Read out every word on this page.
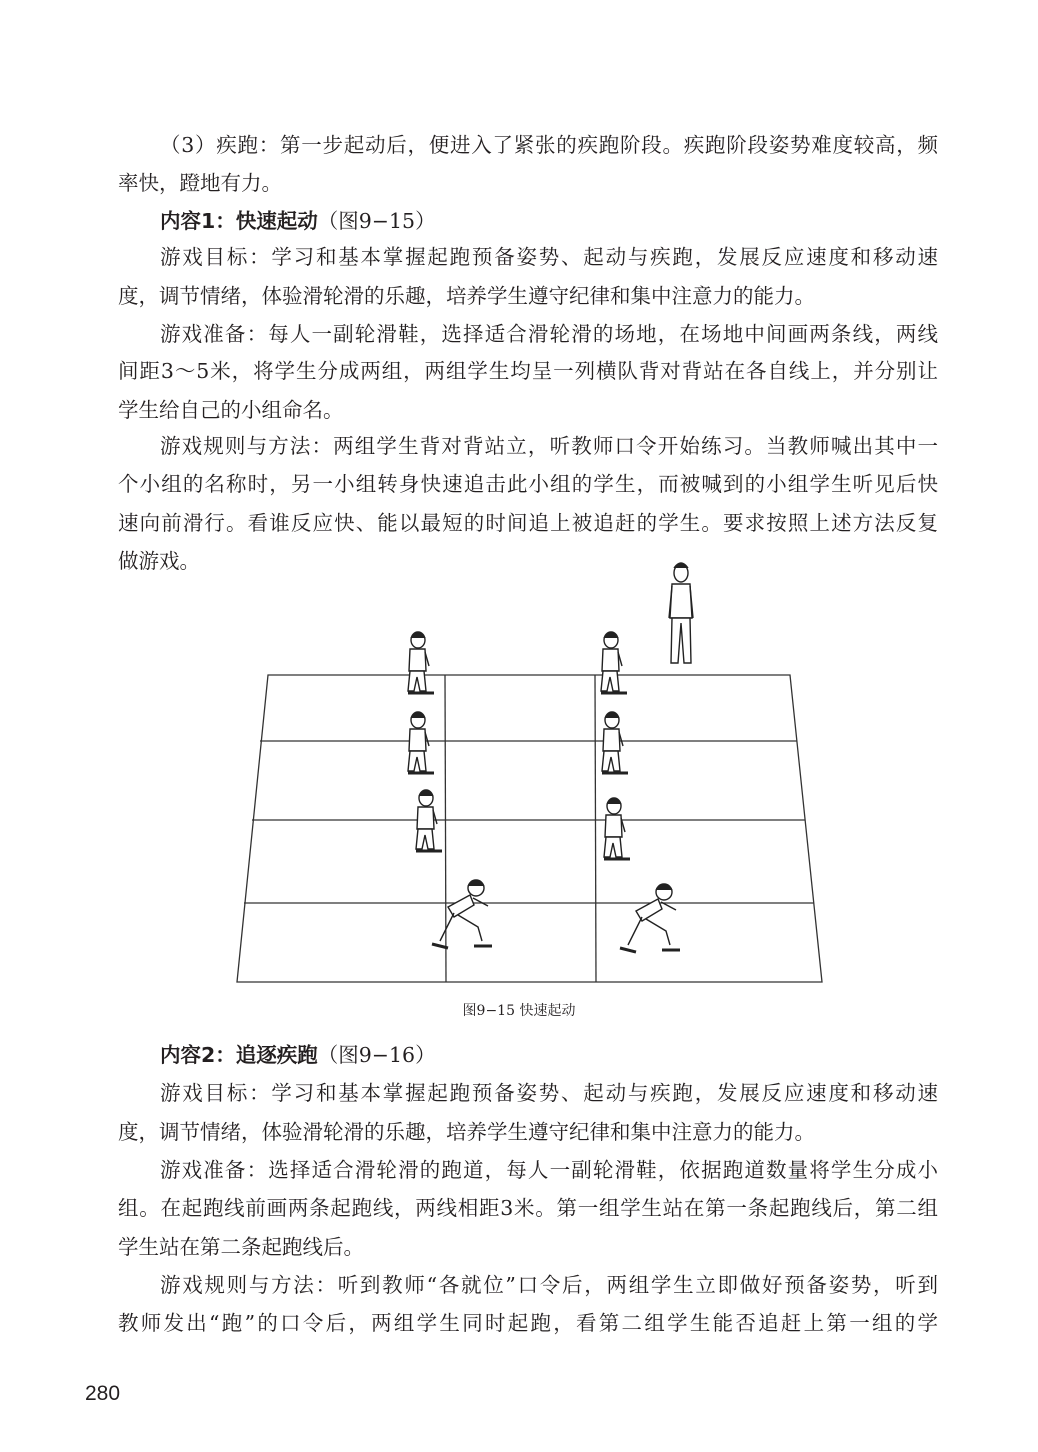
（3）疾跑：第一步起动后，便进入了紧张的疾跑阶段。疾跑阶段姿势难度较高，频
率快，蹬地有力。
内容1：快速起动（图9−15）
游戏目标：学习和基本掌握起跑预备姿势、起动与疾跑，发展反应速度和移动速
度，调节情绪，体验滑轮滑的乐趣，培养学生遵守纪律和集中注意力的能力。
游戏准备：每人一副轮滑鞋，选择适合滑轮滑的场地，在场地中间画两条线，两线
间距3～5米，将学生分成两组，两组学生均呈一列横队背对背站在各自线上，并分别让
学生给自己的小组命名。
游戏规则与方法：两组学生背对背站立，听教师口令开始练习。当教师喊出其中一
个小组的名称时，另一小组转身快速追击此小组的学生，而被喊到的小组学生听见后快
速向前滑行。看谁反应快、能以最短的时间追上被追赶的学生。要求按照上述方法反复
做游戏。
图9−15 快速起动
内容2：追逐疾跑（图9−16）
游戏目标：学习和基本掌握起跑预备姿势、起动与疾跑，发展反应速度和移动速
度，调节情绪，体验滑轮滑的乐趣，培养学生遵守纪律和集中注意力的能力。
游戏准备：选择适合滑轮滑的跑道，每人一副轮滑鞋，依据跑道数量将学生分成小
组。在起跑线前画两条起跑线，两线相距3米。第一组学生站在第一条起跑线后，第二组
学生站在第二条起跑线后。
游戏规则与方法：听到教师“各就位”口令后，两组学生立即做好预备姿势，听到
教师发出“跑”的口令后，两组学生同时起跑，看第二组学生能否追赶上第一组的学
280
